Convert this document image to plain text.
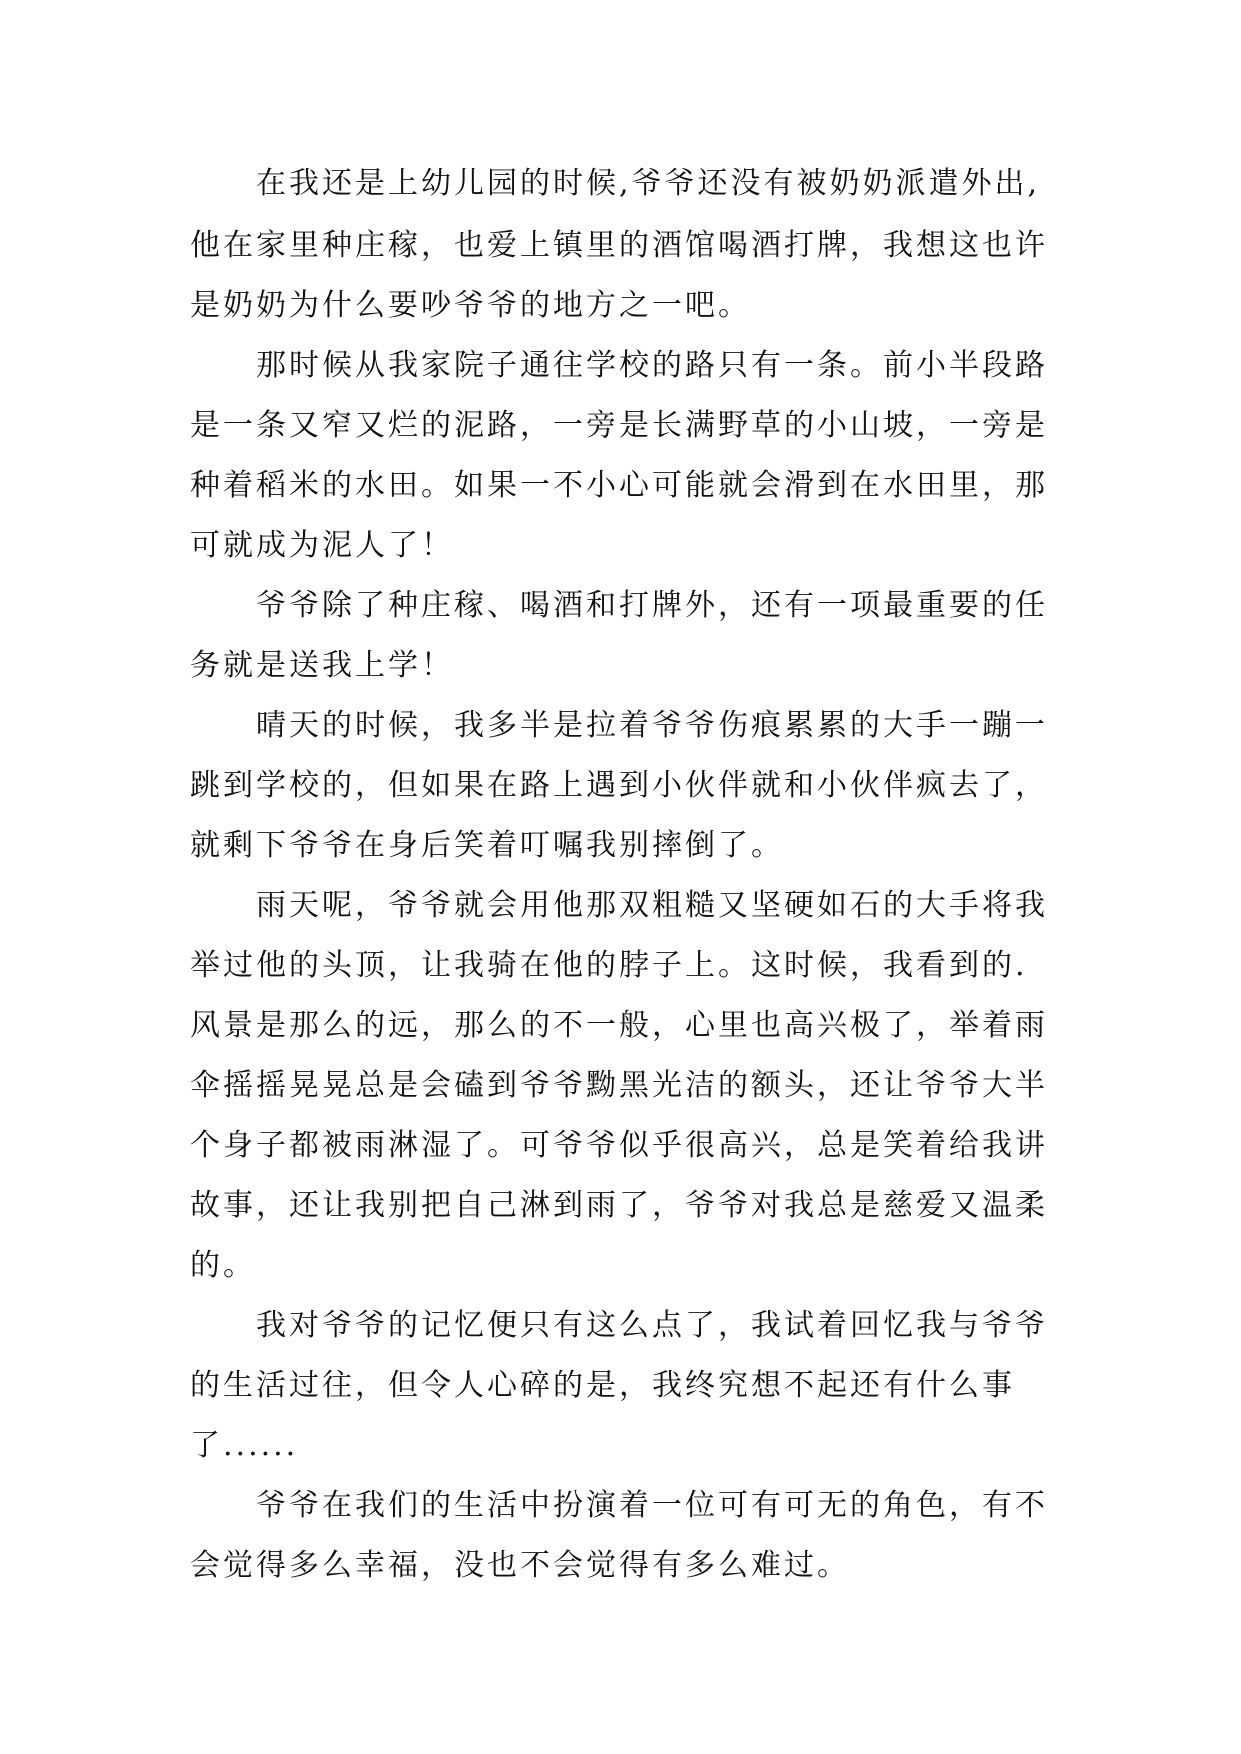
在我还是上幼儿园的时候,爷爷还没有被奶奶派遣外出,
他在家里种庄稼，也爱上镇里的酒馆喝酒打牌，我想这也许
是奶奶为什么要吵爷爷的地方之一吧。
那时候从我家院子通往学校的路只有一条。前小半段路
是一条又窄又烂的泥路，一旁是长满野草的小山坡，一旁是
种着稻米的水田。如果一不小心可能就会滑到在水田里，那
可就成为泥人了！
爷爷除了种庄稼、喝酒和打牌外，还有一项最重要的任
务就是送我上学！
晴天的时候，我多半是拉着爷爷伤痕累累的大手一蹦一
跳到学校的，但如果在路上遇到小伙伴就和小伙伴疯去了，
就剩下爷爷在身后笑着叮嘱我别摔倒了。
雨天呢，爷爷就会用他那双粗糙又坚硬如石的大手将我
举过他的头顶，让我骑在他的脖子上。这时候，我看到的.
风景是那么的远，那么的不一般，心里也高兴极了，举着雨
伞摇摇晃晃总是会磕到爷爷黝黑光洁的额头，还让爷爷大半
个身子都被雨淋湿了。可爷爷似乎很高兴，总是笑着给我讲
故事，还让我别把自己淋到雨了，爷爷对我总是慈爱又温柔
的。
我对爷爷的记忆便只有这么点了，我试着回忆我与爷爷
的生活过往，但令人心碎的是，我终究想不起还有什么事
了......
爷爷在我们的生活中扮演着一位可有可无的角色，有不
会觉得多么幸福，没也不会觉得有多么难过。
